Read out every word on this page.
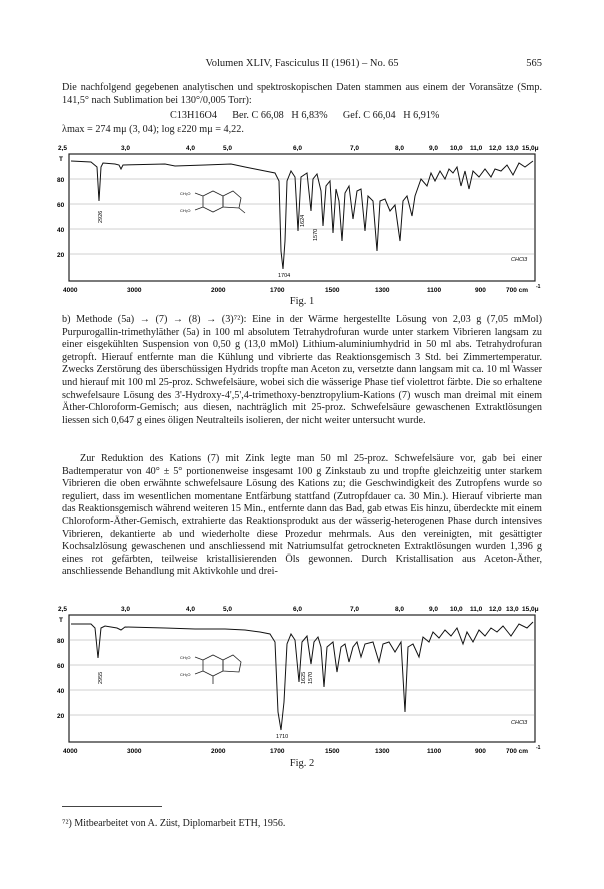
Volumen XLIV, Fasciculus II (1961) – No. 65	565
Die nachfolgend gegebenen analytischen und spektroskopischen Daten stammen aus einem der Voransätze (Smp. 141,5° nach Sublimation bei 130°/0,005 Torr):
C13H16O4 Ber. C 66,08   H 6,83% Gef. C 66,04   H 6,91%
λmax = 274 mμ (3, 04); log ε220 mμ = 4,22.
2,5	3,0	4,0	5,0	6,0	7,0	8,0	9,0 10,0 11,0 12,0 13,0 15,0μ
T
80
60
40
20
2926	1624
1570
1704
CH₃O
CH₃O
CHCl3
4000	3000	2000	1700	1500	1300	1100	900	700 cm -1
Fig. 1
b) Methode (5a) → (7) → (8) → (3)⁷²): Eine in der Wärme hergestellte Lösung von 2,03 g (7,05 mMol) Purpurogallin-trimethyläther (5a) in 100 ml absolutem Tetrahydrofuran wurde unter starkem Vibrieren langsam zu einer eisgekühlten Suspension von 0,50 g (13,0 mMol) Lithium-aluminiumhydrid in 50 ml abs. Tetrahydrofuran getropft. Hierauf entfernte man die Kühlung und vibrierte das Reaktionsgemisch 3 Std. bei Zimmertemperatur. Zwecks Zerstörung des überschüssigen Hydrids tropfte man Aceton zu, versetzte dann langsam mit ca. 10 ml Wasser und hierauf mit 100 ml 25-proz. Schwefelsäure, wobei sich die wässerige Phase tief violettrot färbte. Die so erhaltene schwefelsaure Lösung des 3'-Hydroxy-4',5',4-trimethoxy-benztropylium-Kations (7) wusch man dreimal mit einem Äther-Chloroform-Gemisch; aus diesen, nachträglich mit 25-proz. Schwefelsäure gewaschenen Extraktlösungen liessen sich 0,647 g eines öligen Neutralteils isolieren, der nicht weiter untersucht wurde.
Zur Reduktion des Kations (7) mit Zink legte man 50 ml 25-proz. Schwefelsäure vor, gab bei einer Badtemperatur von 40° ± 5° portionenweise insgesamt 100 g Zinkstaub zu und tropfte gleichzeitig unter starkem Vibrieren die oben erwähnte schwefelsaure Lösung des Kations zu; die Geschwindigkeit des Zutropfens wurde so reguliert, dass im wesentlichen momentane Entfärbung stattfand (Zutropfdauer ca. 30 Min.). Hierauf vibrierte man das Reaktionsgemisch während weiteren 15 Min., entfernte dann das Bad, gab etwas Eis hinzu, überdeckte mit einem Chloroform-Äther-Gemisch, extrahierte das Reaktionsprodukt aus der wässerig-heterogenen Phase durch intensives Vibrieren, dekantierte ab und wiederholte diese Prozedur mehrmals. Aus den vereinigten, mit gesättigter Kochsalzlösung gewaschenen und anschliessend mit Natriumsulfat getrockneten Extraktlösungen wurden 1,396 g eines rot gefärbten, teilweise kristallisierenden Öls gewonnen. Durch Kristallisation aus Aceton-Äther, anschliessende Behandlung mit Aktivkohle und drei-
2,5	3,0	4,0	5,0	6,0	7,0	8,0	9,0 10,0 11,0 12,0 13,0 15,0μ
T
80
60
40
20
2955	1625 1570
1710
CH₃O
CH₃O
CHCl3
4000	3000	2000	1700	1500	1300	1100	900	700 cm -1
Fig. 2
⁷²) Mitbearbeitet von A. Züst, Diplomarbeit ETH, 1956.
